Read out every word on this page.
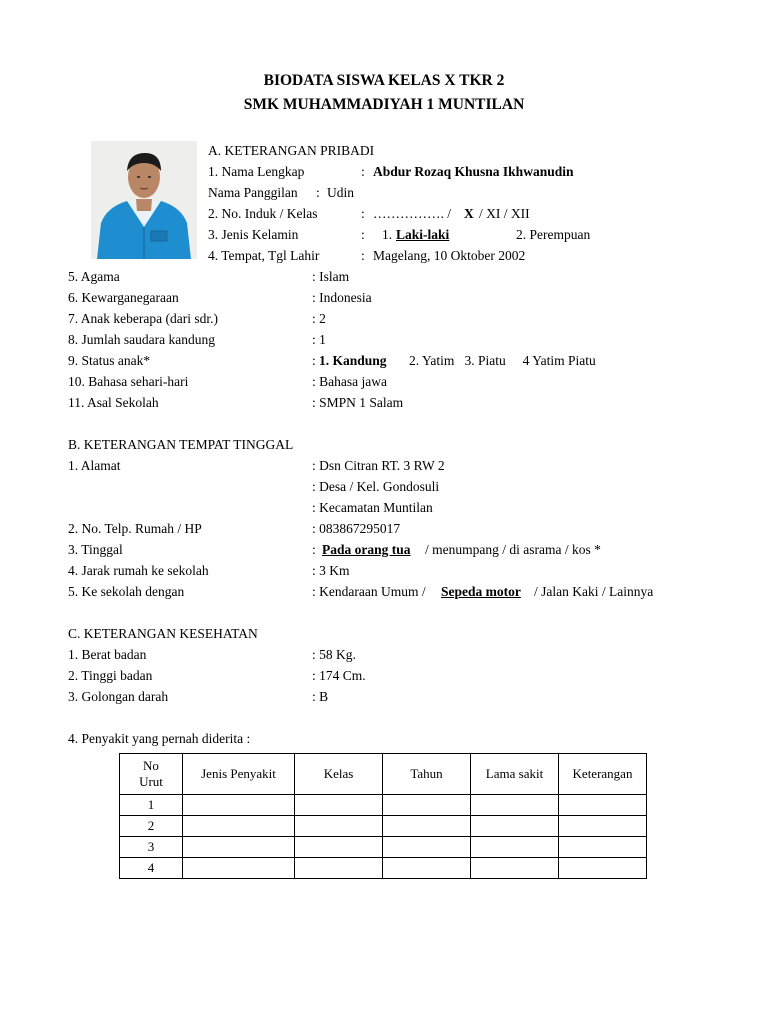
BIODATA SISWA KELAS X TKR 2
SMK MUHAMMADIYAH 1 MUNTILAN
A. KETERANGAN PRIBADI
1. Nama Lengkap	: Abdur Rozaq Khusna Ikhwanudin
Nama Panggilan : Udin
2. No. Induk / Kelas	: ……………. / X / XI / XII
3. Jenis Kelamin	: 1. Laki-laki	2. Perempuan
4. Tempat, Tgl Lahir	: Magelang, 10 Oktober 2002
5. Agama	: Islam
6. Kewarganegaraan	: Indonesia
7. Anak keberapa (dari sdr.)	: 2
8. Jumlah saudara kandung	: 1
9. Status anak*	: 1. Kandung 2. Yatim   3. Piatu     4 Yatim Piatu
10. Bahasa sehari-hari	: Bahasa jawa
11. Asal Sekolah	: SMPN 1 Salam
B. KETERANGAN TEMPAT TINGGAL
1. Alamat	: Dsn Citran RT. 3 RW 2
: Desa / Kel. Gondosuli
: Kecamatan Muntilan
2. No. Telp. Rumah / HP	: 083867295017
3. Tinggal	: Pada orang tua / menumpang / di asrama / kos *
4. Jarak rumah ke sekolah	: 3 Km
5. Ke sekolah dengan	: Kendaraan Umum / Sepeda motor / Jalan Kaki / Lainnya
C. KETERANGAN KESEHATAN
1. Berat badan	: 58 Kg.
2. Tinggi badan	: 174 Cm.
3. Golongan darah	: B
4. Penyakit yang pernah diderita :
No
Urut	Jenis Penyakit	Kelas	Tahun	Lama sakit	Keterangan
1					
2					
3					
4					
